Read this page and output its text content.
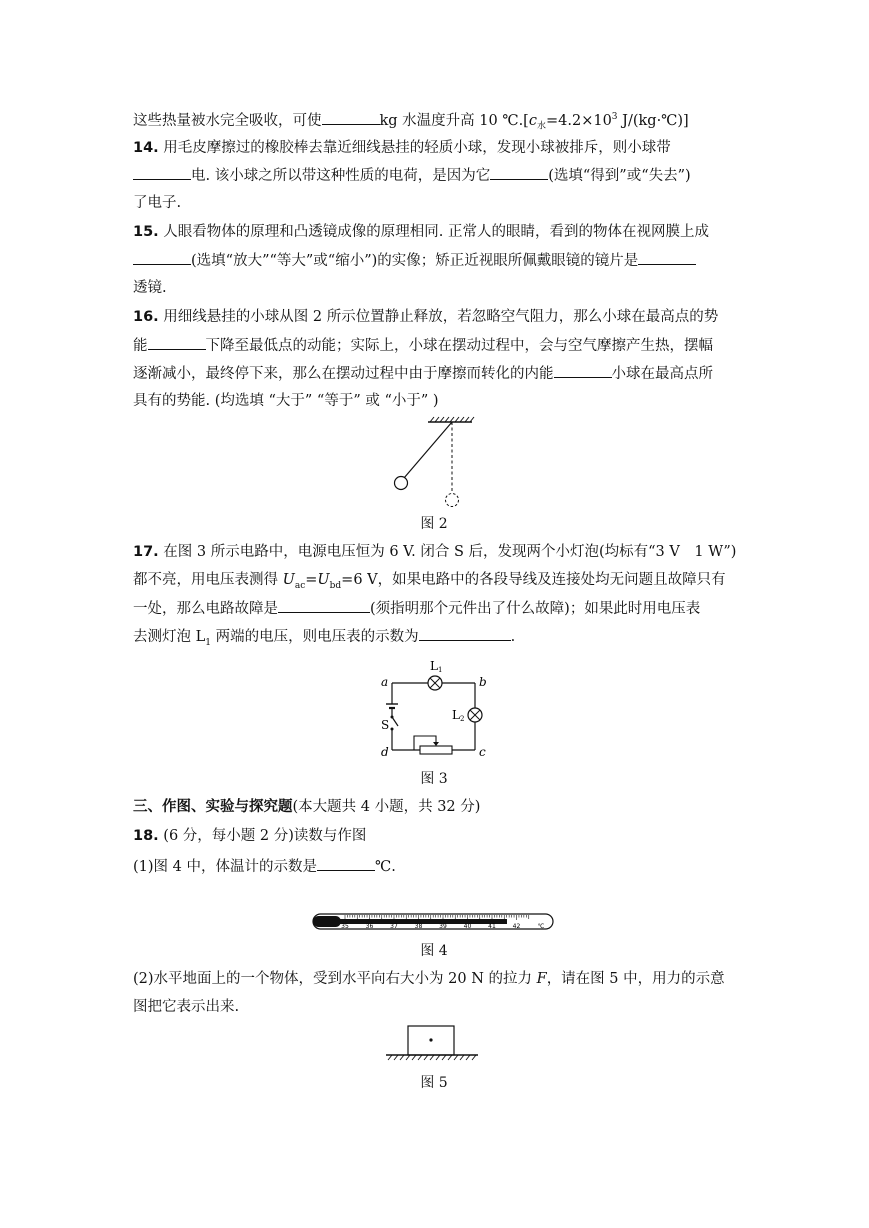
这些热量被水完全吸收，可使	kg 水温度升高 10 $℃.[c_水=4.2\times 10^3$ J/(kg·℃)]
14. 用毛皮摩擦过的橡胶棒去靠近细线悬挂的轻质小球，发现小球被排斥，则小球带
电. 该小球之所以带这种性质的电荷，是因为它	(选填“得到”或“失去”)
了电子.
15. 人眼看物体的原理和凸透镜成像的原理相同. 正常人的眼睛，看到的物体在视网膜上成
(选填“放大”“等大”或“缩小”)的实像；矫正近视眼所佩戴眼镜的镜片是
透镜.
16. 用细线悬挂的小球从图 2 所示位置静止释放，若忽略空气阻力，那么小球在最高点的势
能	下降至最低点的动能；实际上，小球在摆动过程中，会与空气摩擦产生热，摆幅
逐渐减小，最终停下来，那么在摆动过程中由于摩擦而转化的内能	小球在最高点所
具有的势能. (均选填 “大于” “等于” 或 “小于” )
图 2
17. 在图 3 所示电路中，电源电压恒为 6 V. 闭合 S 后，发现两个小灯泡(均标有“3 V　1 W”)
都不亮，用电压表测得 $U_{ac}=U_{bd}=6$ V，如果电路中的各段导线及连接处均无问题且故障只有
一处，那么电路故障是	(须指明那个元件出了什么故障)；如果此时用电压表
去测灯泡 $L_1$ 两端的电压，则电压表的示数为	.
a	b
c
d
L 1
L 2
S
图 3
三、作图、实验与探究题(本大题共 4 小题，共 32 分)
18. (6 分，每小题 2 分)读数与作图
(1)图 4 中，体温计的示数是	℃.
35	36	37	38	39	40	41	42	℃
图 4
(2)水平地面上的一个物体，受到水平向右大小为 20 N 的拉力 F，请在图 5 中，用力的示意
图把它表示出来.
图 5
